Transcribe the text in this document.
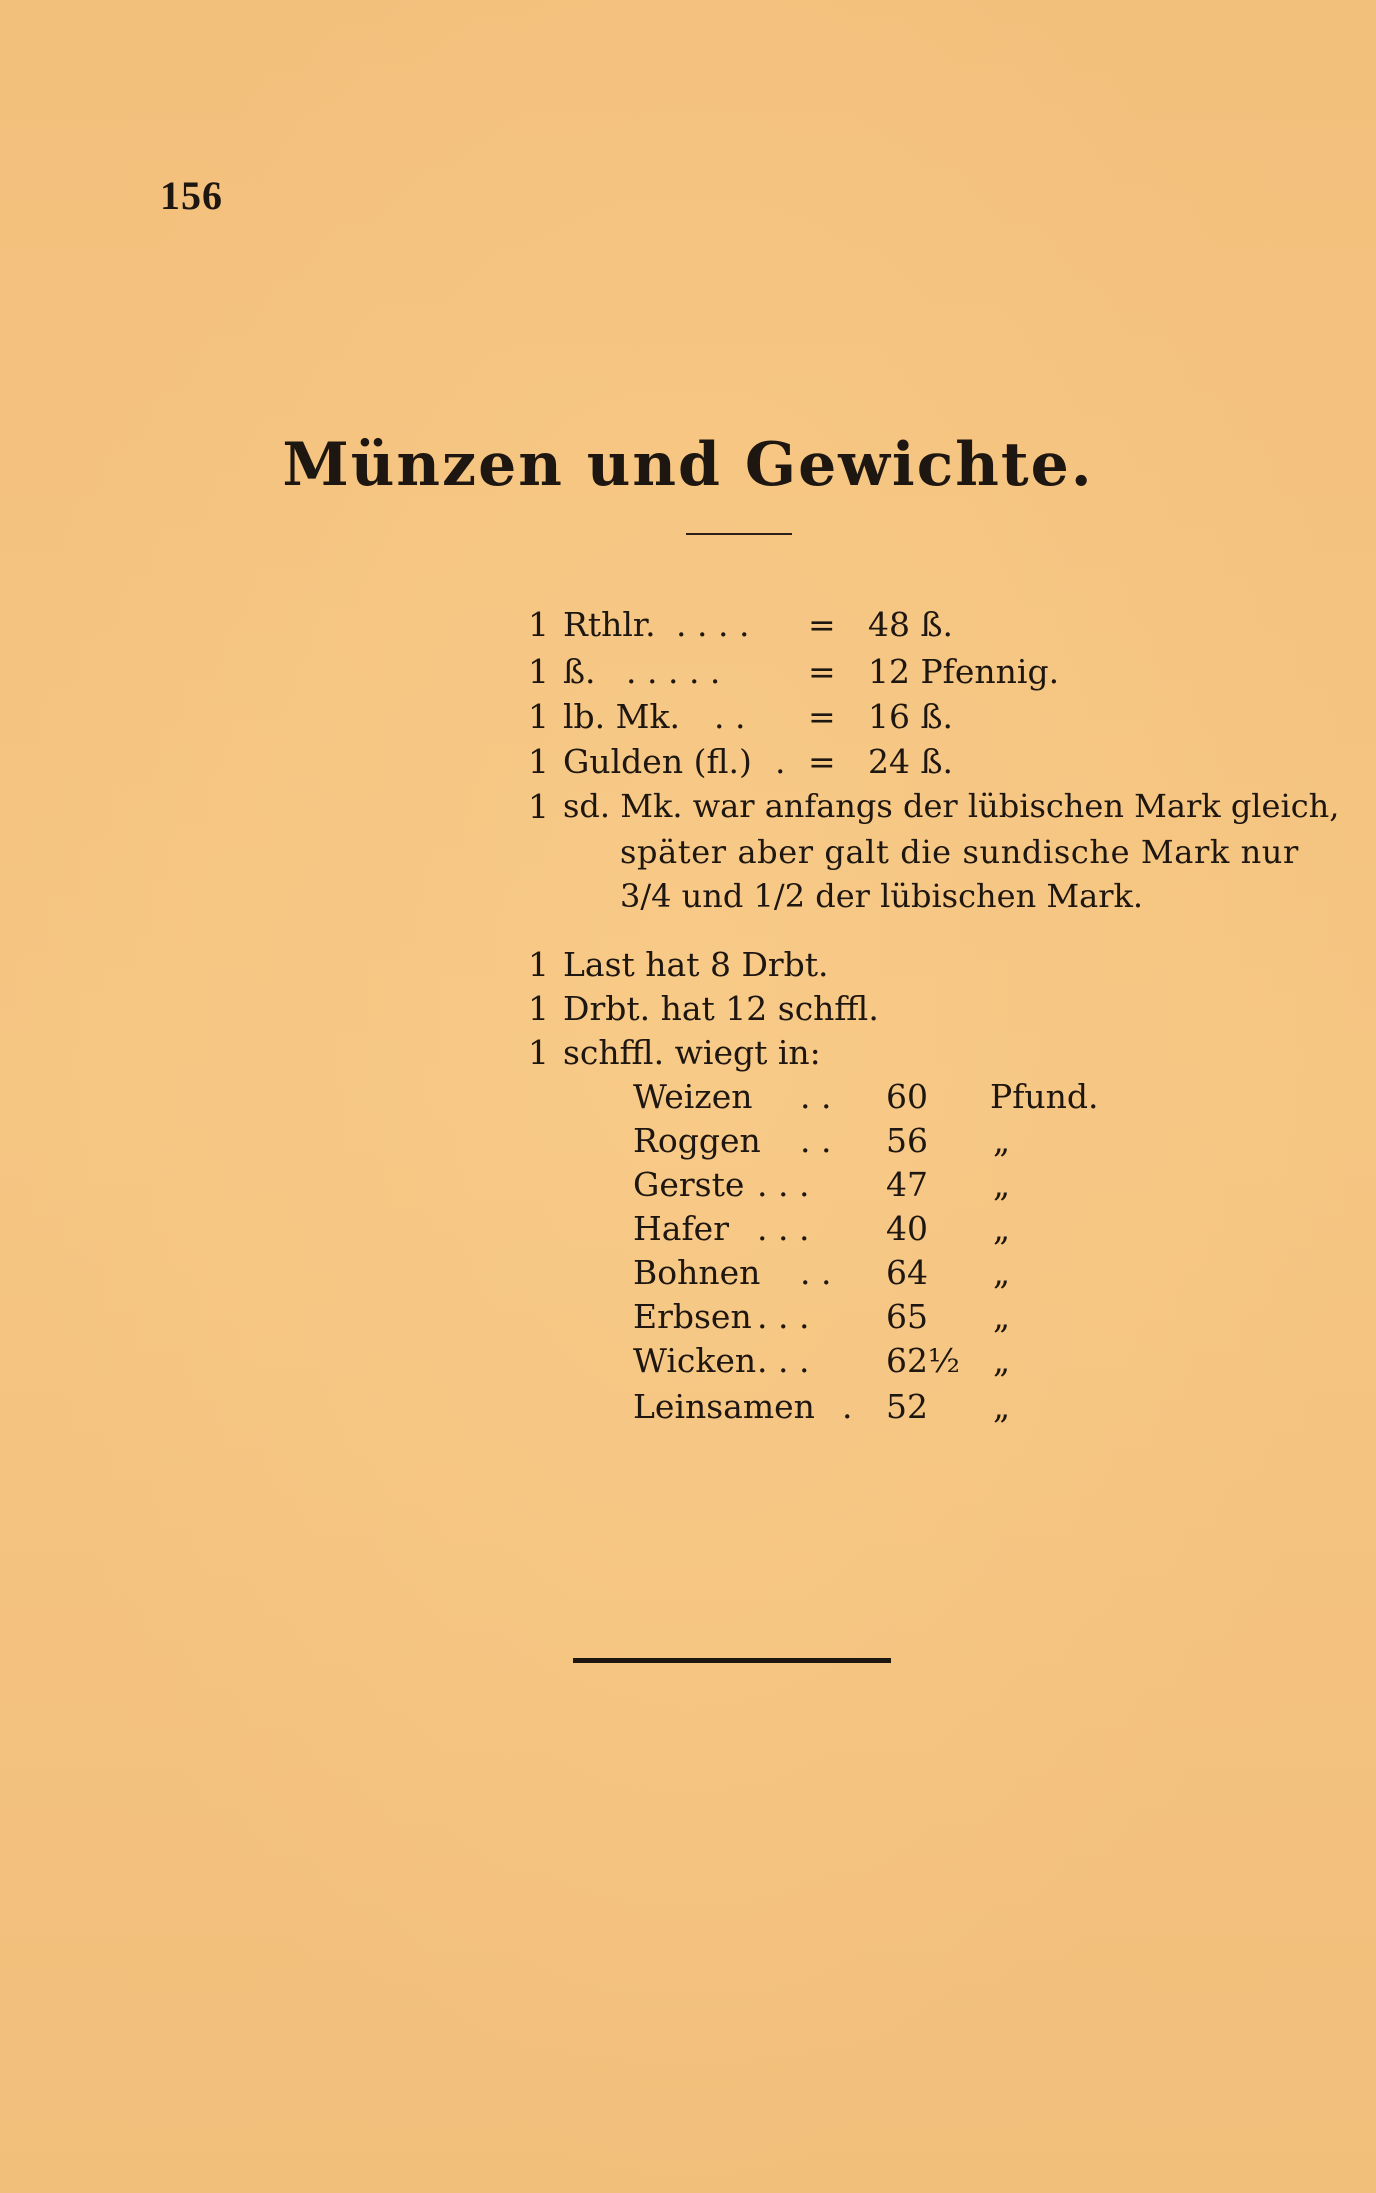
156
Münzen und Gewichte.
1 Rthlr. . . . . = 48 ß.
1 ß. . . . . .	= 12 Pfennig.
1 lb. Mk. . . = 16 ß.
1 Gulden (fl.) . = 24 ß.
1 sd. Mk. war anfangs der lübischen Mark gleich,
später aber galt die sundische Mark nur
3/4 und 1/2 der lübischen Mark.
1 Last hat 8 Drbt.
1 Drbt. hat 12 schffl.
1 schffl. wiegt in:
Weizen . . 60 Pfund.
Roggen . . 56 „
Gerste . . . 47 „
Hafer . . . 40 „
Bohnen . . 64 „
Erbsen . . . 65 „
Wicken . . . 62½ „
Leinsamen . 52 „
